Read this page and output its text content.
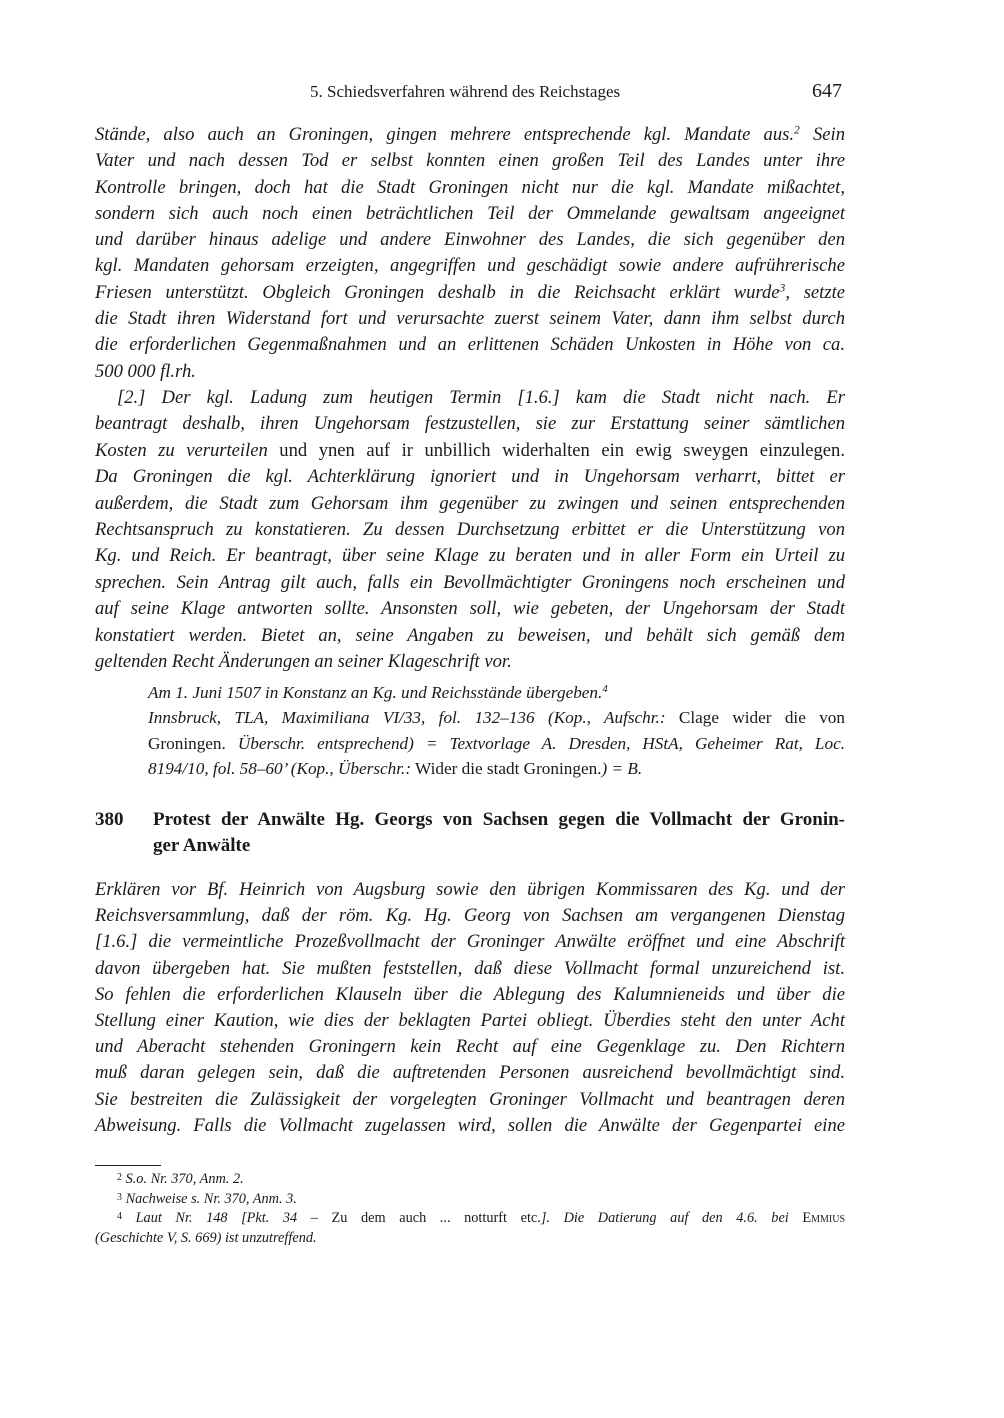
5. Schiedsverfahren während des Reichstages	647
Stände, also auch an Groningen, gingen mehrere entsprechende kgl. Mandate aus.$^2$ Sein
Vater und nach dessen Tod er selbst konnten einen großen Teil des Landes unter ihre
Kontrolle bringen, doch hat die Stadt Groningen nicht nur die kgl. Mandate mißachtet,
sondern sich auch noch einen beträchtlichen Teil der Ommelande gewaltsam angeeignet
und darüber hinaus adelige und andere Einwohner des Landes, die sich gegenüber den
kgl. Mandaten gehorsam erzeigten, angegriffen und geschädigt sowie andere aufrührerische
Friesen unterstützt. Obgleich Groningen deshalb in die Reichsacht erklärt wurde$^3$, setzte
die Stadt ihren Widerstand fort und verursachte zuerst seinem Vater, dann ihm selbst durch
die erforderlichen Gegenmaßnahmen und an erlittenen Schäden Unkosten in Höhe von ca.
500 000 fl.rh.
[2.] Der kgl. Ladung zum heutigen Termin [1.6.] kam die Stadt nicht nach. Er
beantragt deshalb, ihren Ungehorsam festzustellen, sie zur Erstattung seiner sämtlichen
Kosten zu verurteilen und ynen auf ir unbillich widerhalten ein ewig sweygen einzulegen.
Da Groningen die kgl. Achterklärung ignoriert und in Ungehorsam verharrt, bittet er
außerdem, die Stadt zum Gehorsam ihm gegenüber zu zwingen und seinen entsprechenden
Rechtsanspruch zu konstatieren. Zu dessen Durchsetzung erbittet er die Unterstützung von
Kg. und Reich. Er beantragt, über seine Klage zu beraten und in aller Form ein Urteil zu
sprechen. Sein Antrag gilt auch, falls ein Bevollmächtigter Groningens noch erscheinen und
auf seine Klage antworten sollte. Ansonsten soll, wie gebeten, der Ungehorsam der Stadt
konstatiert werden. Bietet an, seine Angaben zu beweisen, und behält sich gemäß dem
geltenden Recht Änderungen an seiner Klageschrift vor.
Am 1. Juni 1507 in Konstanz an Kg. und Reichsstände übergeben.$^4$
Innsbruck, TLA, Maximiliana VI/33, fol. 132–136 (Kop., Aufschr.: Clage wider die von
Groningen. Überschr. entsprechend) = Textvorlage A. Dresden, HStA, Geheimer Rat, Loc.
8194/10, fol. 58–60’ (Kop., Überschr.: Wider die stadt Groningen.) = B.
380 Protest der Anwälte Hg. Georgs von Sachsen gegen die Vollmacht der Gronin-
ger Anwälte
Erklären vor Bf. Heinrich von Augsburg sowie den übrigen Kommissaren des Kg. und der
Reichsversammlung, daß der röm. Kg. Hg. Georg von Sachsen am vergangenen Dienstag
[1.6.] die vermeintliche Prozeßvollmacht der Groninger Anwälte eröffnet und eine Abschrift
davon übergeben hat. Sie mußten feststellen, daß diese Vollmacht formal unzureichend ist.
So fehlen die erforderlichen Klauseln über die Ablegung des Kalumnieneids und über die
Stellung einer Kaution, wie dies der beklagten Partei obliegt. Überdies steht den unter Acht
und Aberacht stehenden Groningern kein Recht auf eine Gegenklage zu. Den Richtern
muß daran gelegen sein, daß die auftretenden Personen ausreichend bevollmächtigt sind.
Sie bestreiten die Zulässigkeit der vorgelegten Groninger Vollmacht und beantragen deren
Abweisung. Falls die Vollmacht zugelassen wird, sollen die Anwälte der Gegenpartei eine
$^2$ S.o. Nr. 370, Anm. 2.
$^3$ Nachweise s. Nr. 370, Anm. 3.
$^4$ Laut Nr. 148 [Pkt. 34 – Zu dem auch ... notturft etc.]. Die Datierung auf den 4.6. bei Emmius
(Geschichte V, S. 669) ist unzutreffend.
